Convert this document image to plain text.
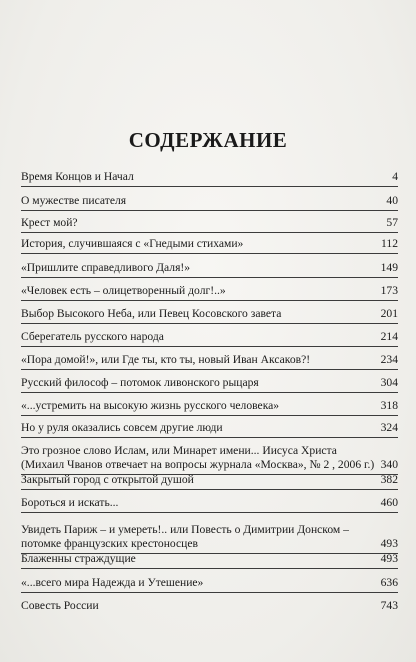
СОДЕРЖАНИЕ
Время Концов и Начал	4
О мужестве писателя	40
Крест мой?	57
История, случившаяся с «Гнедыми стихами»	112
«Пришлите справедливого Даля!»	149
«Человек есть – олицетворенный долг!..»	173
Выбор Высокого Неба, или Певец Косовского завета	201
Сберегатель русского народа	214
«Пора домой!», или Где ты, кто ты, новый Иван Аксаков?!	234
Русский философ – потомок ливонского рыцаря	304
«...устремить на высокую жизнь русского человека»	318
Но у руля оказались совсем другие люди	324
Это грозное слово Ислам, или Минарет имени... Иисуса Христа
(Михаил Чванов отвечает на вопросы журнала «Москва», № 2 , 2006 г.) 340
Закрытый город с открытой душой	382
Бороться и искать...	460
Увидеть Париж – и умереть!.. или Повесть о Димитрии Донском –
потомке французских крестоносцев	493
Блаженны страждущие	493
«...всего мира Надежда и Утешение»	636
Совесть России	743
